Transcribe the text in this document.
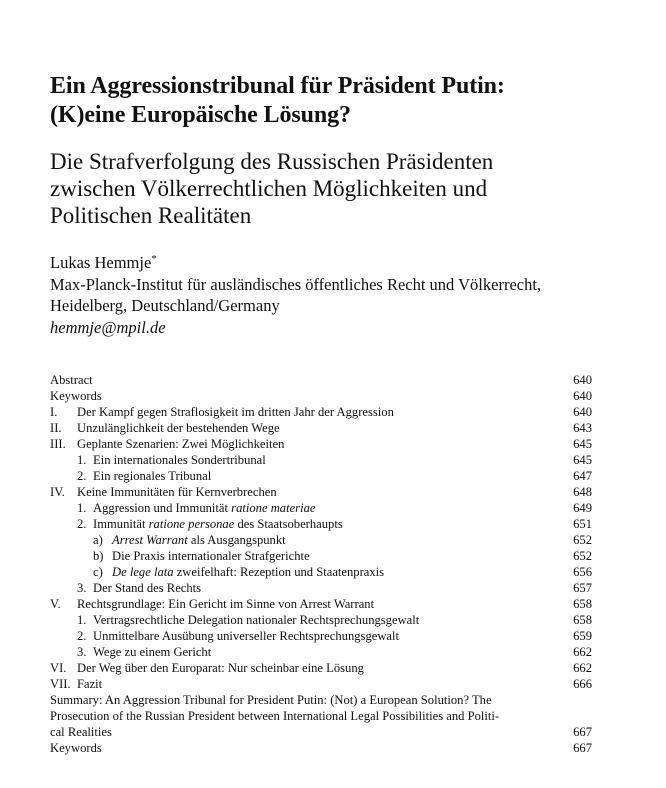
Ein Aggressionstribunal für Präsident Putin:
(K)eine Europäische Lösung?
Die Strafverfolgung des Russischen Präsidenten
zwischen Völkerrechtlichen Möglichkeiten und
Politischen Realitäten
Lukas Hemmje*
Max-Planck-Institut für ausländisches öffentliches Recht und Völkerrecht,
Heidelberg, Deutschland/Germany
hemmje@mpil.de
Abstract	640
Keywords	640
I. Der Kampf gegen Straflosigkeit im dritten Jahr der Aggression	640
II. Unzulänglichkeit der bestehenden Wege	643
III. Geplante Szenarien: Zwei Möglichkeiten	645
1. Ein internationales Sondertribunal	645
2. Ein regionales Tribunal	647
IV. Keine Immunitäten für Kernverbrechen	648
1. Aggression und Immunität ratione materiae	649
2. Immunität ratione personae des Staatsoberhaupts	651
a) Arrest Warrant als Ausgangspunkt	652
b) Die Praxis internationaler Strafgerichte	652
c) De lege lata zweifelhaft: Rezeption und Staatenpraxis	656
3. Der Stand des Rechts	657
V. Rechtsgrundlage: Ein Gericht im Sinne von Arrest Warrant	658
1. Vertragsrechtliche Delegation nationaler Rechtsprechungsgewalt	658
2. Unmittelbare Ausübung universeller Rechtsprechungsgewalt	659
3. Wege zu einem Gericht	662
VI. Der Weg über den Europarat: Nur scheinbar eine Lösung	662
VII. Fazit	666
Summary: An Aggression Tribunal for President Putin: (Not) a European Solution? The
Prosecution of the Russian President between International Legal Possibilities and Politi-
cal Realities	667
Keywords	667
